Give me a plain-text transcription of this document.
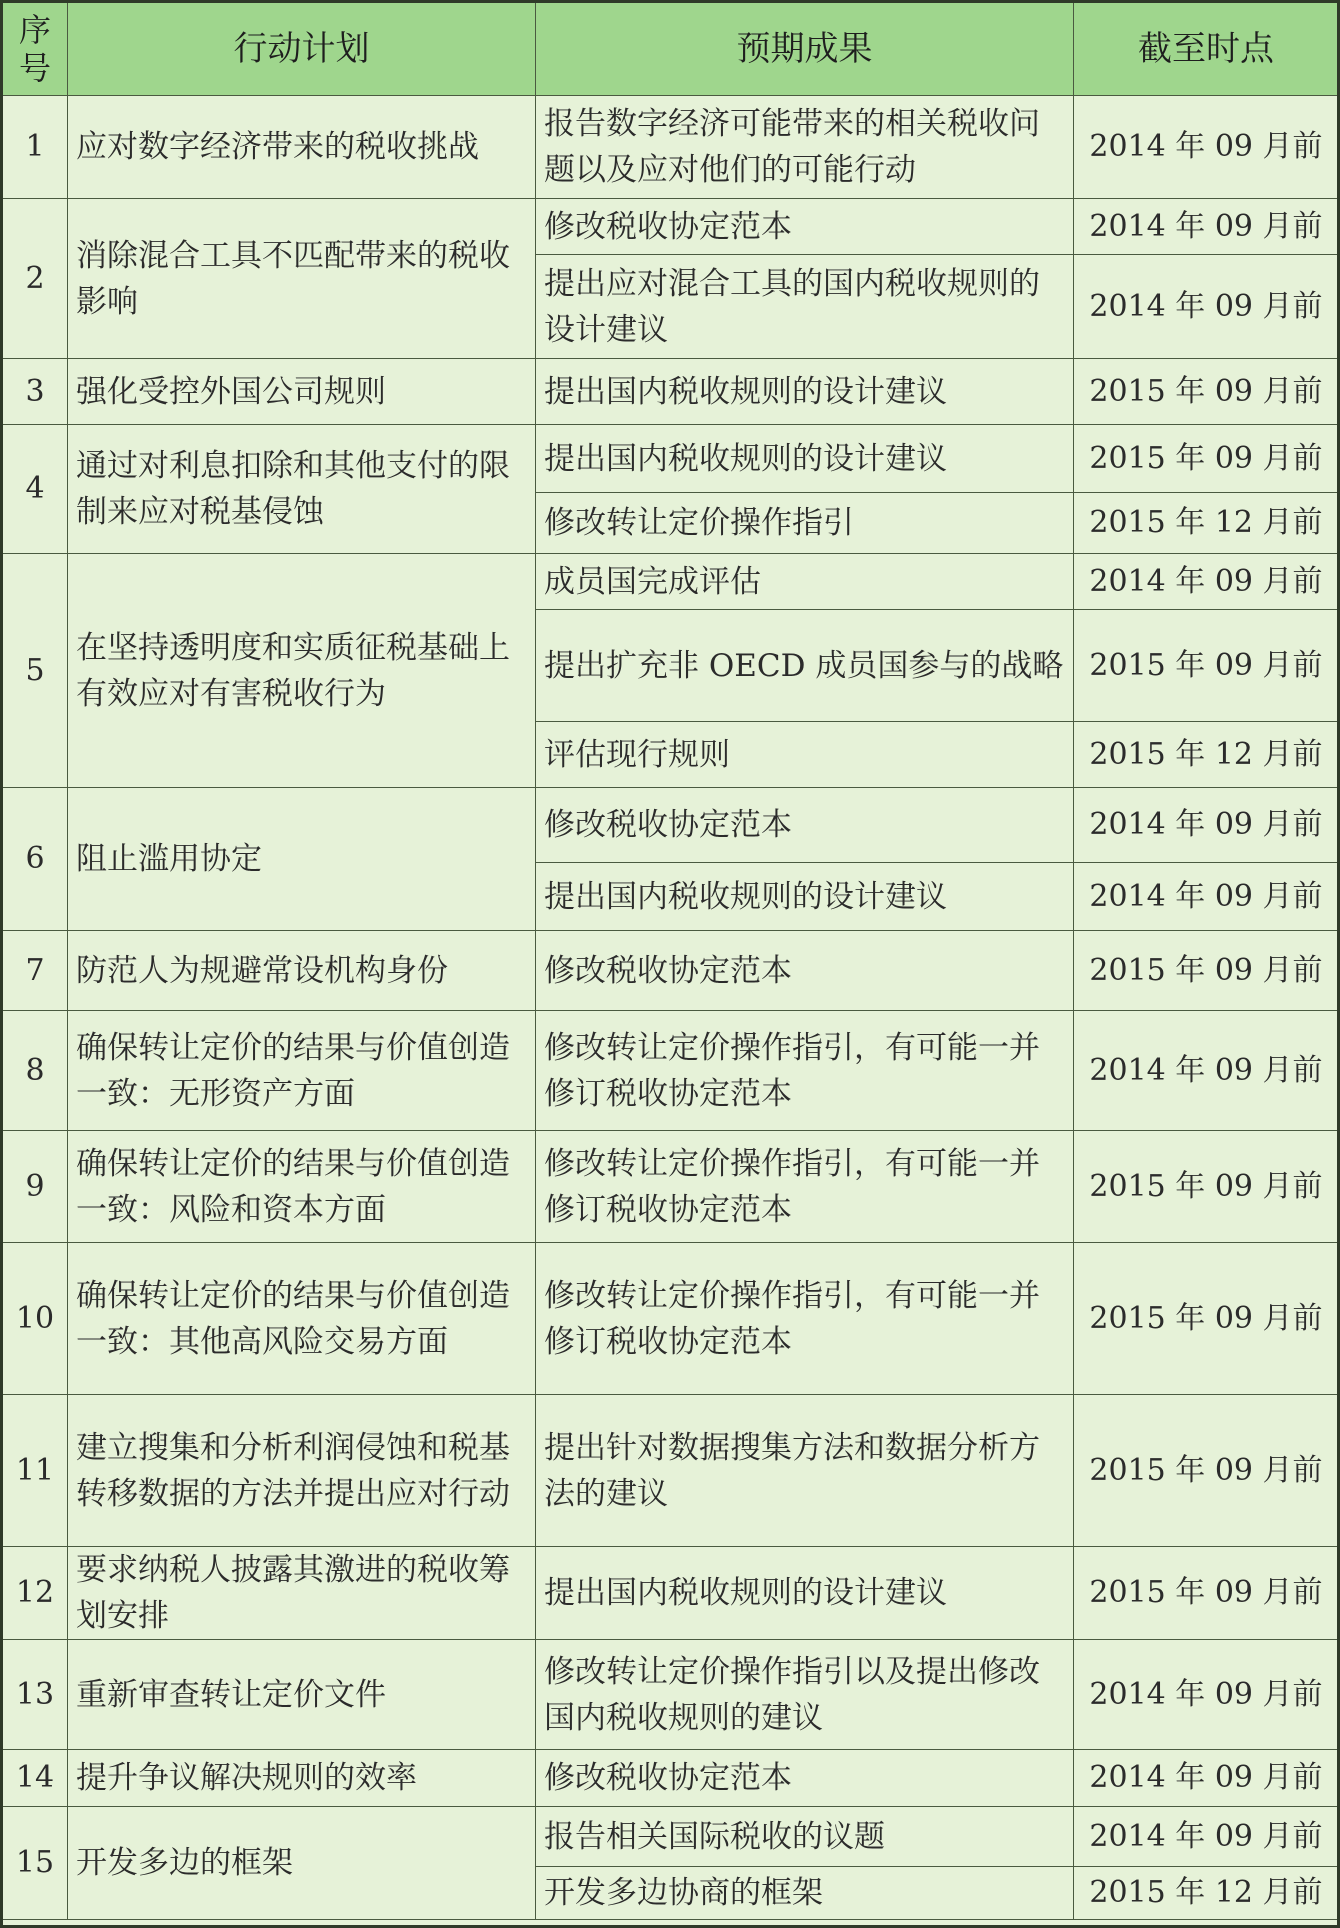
序号	行动计划	预期成果	截至时点
1	应对数字经济带来的税收挑战	报告数字经济可能带来的相关税收问题以及应对他们的可能行动	2014 年 09 月前
2	消除混合工具不匹配带来的税收影响	修改税收协定范本	2014 年 09 月前
		提出应对混合工具的国内税收规则的设计建议	2014 年 09 月前
3	强化受控外国公司规则	提出国内税收规则的设计建议	2015 年 09 月前
4	通过对利息扣除和其他支付的限制来应对税基侵蚀	提出国内税收规则的设计建议	2015 年 09 月前
		修改转让定价操作指引	2015 年 12 月前
5	在坚持透明度和实质征税基础上有效应对有害税收行为	成员国完成评估	2014 年 09 月前
		提出扩充非 OECD 成员国参与的战略	2015 年 09 月前
		评估现行规则	2015 年 12 月前
6	阻止滥用协定	修改税收协定范本	2014 年 09 月前
		提出国内税收规则的设计建议	2014 年 09 月前
7	防范人为规避常设机构身份	修改税收协定范本	2015 年 09 月前
8	确保转让定价的结果与价值创造一致：无形资产方面	修改转让定价操作指引，有可能一并修订税收协定范本	2014 年 09 月前
9	确保转让定价的结果与价值创造一致：风险和资本方面	修改转让定价操作指引，有可能一并修订税收协定范本	2015 年 09 月前
10	确保转让定价的结果与价值创造一致：其他高风险交易方面	修改转让定价操作指引，有可能一并修订税收协定范本	2015 年 09 月前
11	建立搜集和分析利润侵蚀和税基转移数据的方法并提出应对行动	提出针对数据搜集方法和数据分析方法的建议	2015 年 09 月前
12	要求纳税人披露其激进的税收筹划安排	提出国内税收规则的设计建议	2015 年 09 月前
13	重新审查转让定价文件	修改转让定价操作指引以及提出修改国内税收规则的建议	2014 年 09 月前
14	提升争议解决规则的效率	修改税收协定范本	2014 年 09 月前
15	开发多边的框架	报告相关国际税收的议题	2014 年 09 月前
		开发多边协商的框架	2015 年 12 月前
